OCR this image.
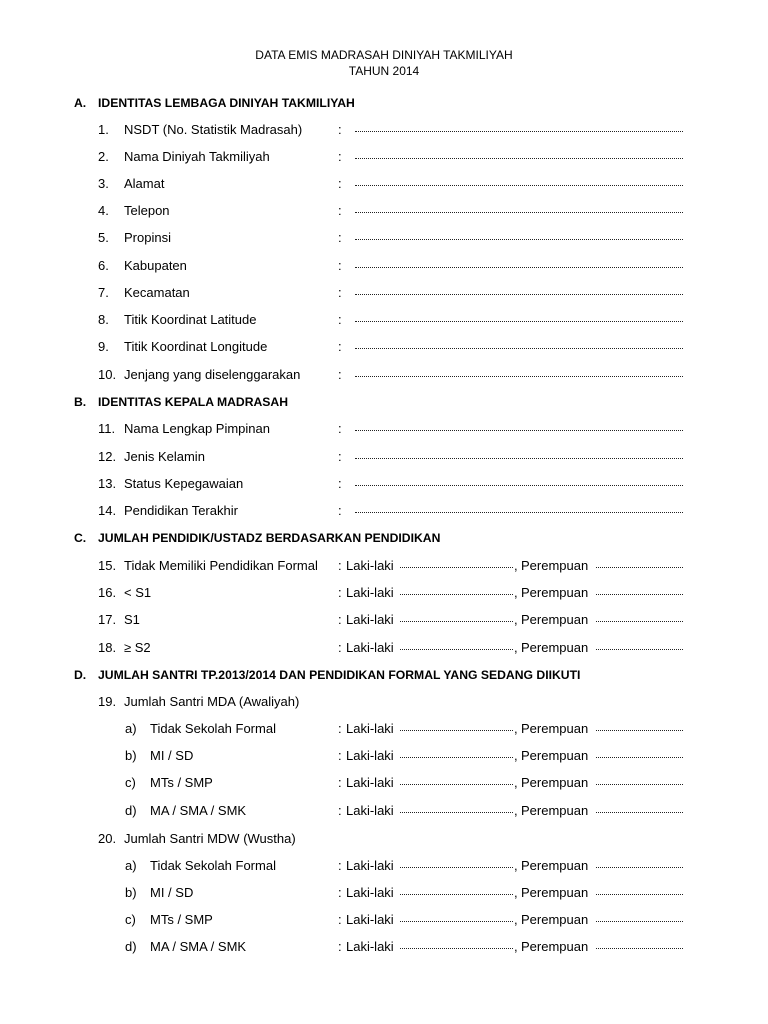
DATA EMIS MADRASAH DINIYAH TAKMILIYAH
TAHUN 2014
A. IDENTITAS LEMBAGA DINIYAH TAKMILIYAH
1. NSDT (No. Statistik Madrasah)	:
2. Nama Diniyah Takmiliyah	:
3. Alamat	:
4. Telepon	:
5. Propinsi	:
6. Kabupaten	:
7. Kecamatan	:
8. Titik Koordinat Latitude	:
9. Titik Koordinat Longitude	:
10. Jenjang yang diselenggarakan	:
B. IDENTITAS KEPALA MADRASAH
11. Nama Lengkap Pimpinan	:
12. Jenis Kelamin	:
13. Status Kepegawaian	:
14. Pendidikan Terakhir	:
C. JUMLAH PENDIDIK/USTADZ BERDASARKAN PENDIDIKAN
15. Tidak Memiliki Pendidikan Formal : Laki-laki	, Perempuan
16. < S1	: Laki-laki	, Perempuan
17. S1	: Laki-laki	, Perempuan
18. ≥ S2	: Laki-laki	, Perempuan
D. JUMLAH SANTRI TP.2013/2014 DAN PENDIDIKAN FORMAL YANG SEDANG DIIKUTI
19. Jumlah Santri MDA (Awaliyah)
a) Tidak Sekolah Formal	: Laki-laki	, Perempuan
b) MI / SD	: Laki-laki	, Perempuan
c) MTs / SMP	: Laki-laki	, Perempuan
d) MA / SMA / SMK	: Laki-laki	, Perempuan
20. Jumlah Santri MDW (Wustha)
a) Tidak Sekolah Formal	: Laki-laki	, Perempuan
b) MI / SD	: Laki-laki	, Perempuan
c) MTs / SMP	: Laki-laki	, Perempuan
d) MA / SMA / SMK	: Laki-laki	, Perempuan
